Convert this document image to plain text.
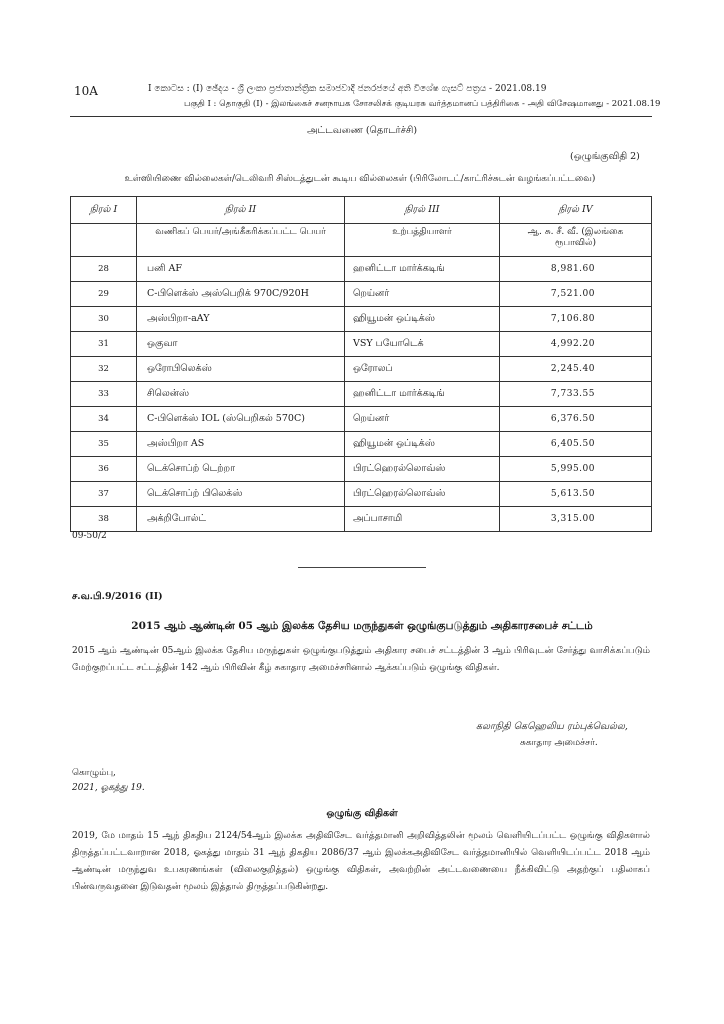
10A	I කොටස : (I) ඡේදය - ශ්‍රී ලංකා ප්‍රජාතාන්ත්‍රික සමාජවාදී ජනරජයේ අති විශේෂ ගැසට් පත්‍රය - 2021.08.19
பகுதி I : தொகுதி (I) - இலங்கைச் சனநாயக சோசலிசக் குடியரசு வர்த்தமானப் பத்திரிகை - அதி விசேஷமானது - 2021.08.19
அட்டவணை (தொடர்ச்சி)
(ஒழுங்குவிதி 2)
உள்ஸியிணை வில்லைகள்/டெலிவரி சிஸ்டத்துடன் கூடிய வில்லைகள் (பிரிலோடட்/காட்ரிச்சுடன் வழங்கப்பட்டவை)
நிரல் I	நிரல் II	நிரல் III	நிரல் IV
	வணிகப் பெயர்/அங்கீகரிக்கப்பட்ட பெயர்	உற்பத்தியாளர்	ஆ. சு. சீ. வீ. (இலங்கை ரூபாவில்)
28	பனி AF	ஹனிட்டா மார்க்கடிங்	8,981.60
29	C-பிளெக்ஸ் அஸ்பெறிக் 970C/920H	றெய்னர்	7,521.00
30	அஸ்பிறா-aAY	ஹியூமன் ஒப்டிக்ஸ்	7,106.80
31	ஒகுவா	VSY பயோடெக்	4,992.20
32	ஒரோபிலெக்ஸ்	ஒரோலப்	2,245.40
33	சிலென்ஸ்	ஹனிட்டா மார்க்கடிங்	7,733.55
34	C-பிளெக்ஸ் IOL (ஸ்பெறிகல் 570C)	றெய்னர்	6,376.50
35	அஸ்பிறா AS	ஹியூமன் ஒப்டிக்ஸ்	6,405.50
36	டெக்சொப்ற் டெற்றா	பிரட்ஹெரல்லொவ்ஸ்	5,995.00
37	டெக்சொப்ற் பிலெக்ஸ்	பிரட்ஹெரல்லொவ்ஸ்	5,613.50
38	அக்றிபோல்ட்	அப்பாசாமி	3,315.00
09-50/2
ச.வ.பி.9/2016 (II)
2015 ஆம் ஆண்டின் 05 ஆம் இலக்க தேசிய மருந்துகள் ஒழுங்குபடுத்தும் அதிகாரசபைச் சட்டம்
2015 ஆம் ஆண்டின் 05ஆம் இலக்க தேசிய மருந்துகள் ஒழுங்குபடுத்தும் அதிகார சபைச் சட்டத்தின் 3 ஆம் பிரிவுடன் சேர்த்து வாசிக்கப்படும் மேற்குறப்பட்ட சட்டத்தின் 142 ஆம் பிரிவின் கீழ் சுகாதார அமைச்சரினால் ஆக்கப்படும் ஒழுங்கு விதிகள்.
கலாநிதி கெஹெலிய ரம்புக்வெல்ல,
சுகாதார அமைச்சர்.
கொழும்பு,
2021, ஓகத்து 19.
ஒழுங்கு விதிகள்
2019, மே மாதம் 15 ஆந் திகதிய 2124/54ஆம் இலக்க அதிவிசேட வர்த்தமானி அறிவித்தலின் மூலம் வெளியிடப்பட்ட ஒழுங்கு விதிகளால் திருத்தப்பட்டவாறான 2018, ஓகத்து மாதம் 31 ஆந் திகதிய 2086/37 ஆம் இலக்கஅதிவிசேட வர்த்தமானியில் வெளியிடப்பட்ட 2018 ஆம் ஆண்டின் மருந்துவ உபகரணங்கள் (விலைகுறித்தல்) ஒழுங்கு விதிகள், அவற்றின் அட்டவணையை நீக்கிவிட்டு அதற்குப் பதிலாகப் பின்வருவதனை இடுவதன் மூலம் இத்தால் திருத்தப்படுகின்றது.
